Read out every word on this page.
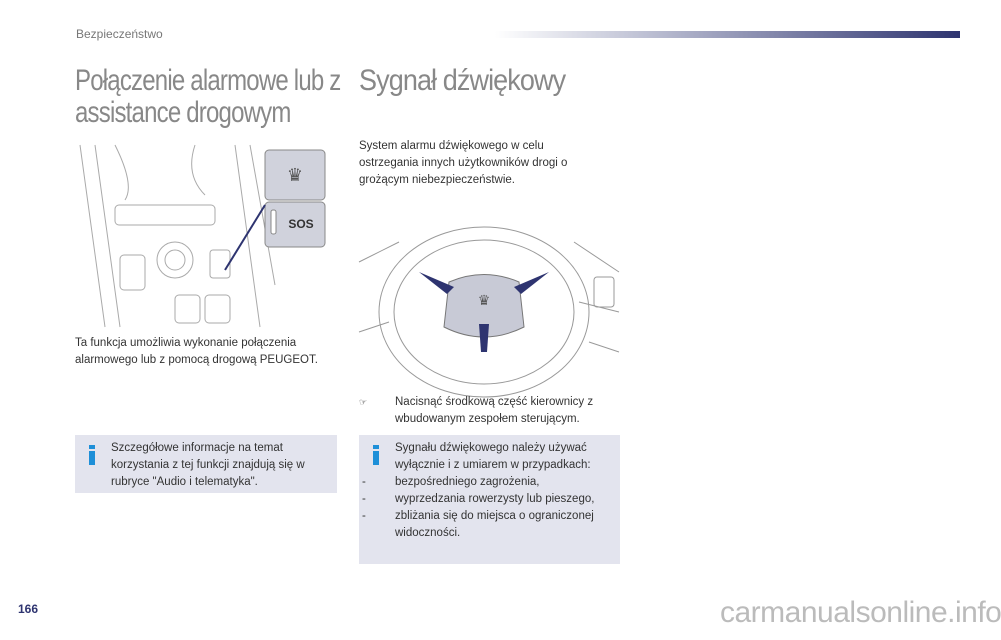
Bezpieczeństwo
Sygnał dźwiękowy
Połączenie alarmowe lub z assistance drogowym
♛
SOS
Ta funkcja umożliwia wykonanie połączenia alarmowego lub z pomocą drogową PEUGEOT.
Szczegółowe informacje na temat korzystania z tej funkcji znajdują się w rubryce "Audio i telematyka".
System alarmu dźwiękowego w celu ostrzegania innych użytkowników drogi o grożącym niebezpieczeństwie.
♛
☞	Nacisnąć środkową część kierownicy z wbudowanym zespołem sterującym.
Sygnału dźwiękowego należy używać wyłącznie i z umiarem w przypadkach:
- bezpośredniego zagrożenia,
- wyprzedzania rowerzysty lub pieszego,
- zbliżania się do miejsca o ograniczonej widoczności.
166	carmanualsonline.info
